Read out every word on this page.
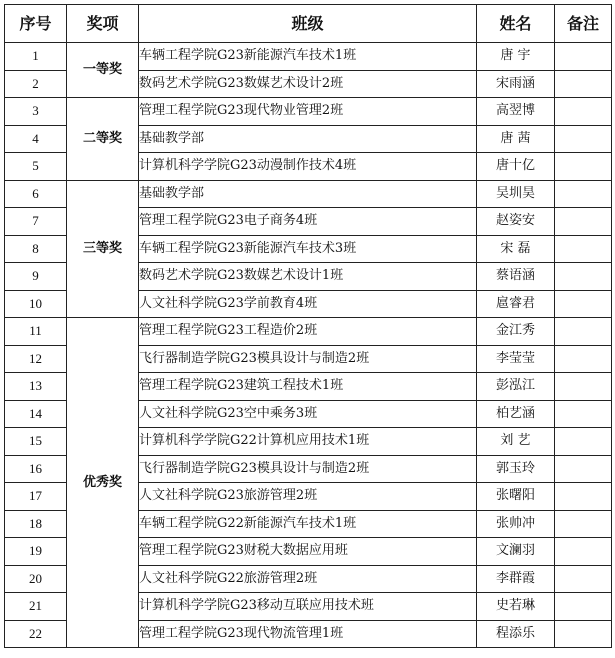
序号	奖项	班级	姓名	备注
1	一等奖	车辆工程学院G23新能源汽车技术1班	唐 宇	
2		数码艺术学院G23数媒艺术设计2班	宋雨涵	
3	二等奖	管理工程学院G23现代物业管理2班	高翌博	
4		基础教学部	唐 茜	
5		计算机科学学院G23动漫制作技术4班	唐十亿	
6	三等奖	基础教学部	吴圳昊	
7		管理工程学院G23电子商务4班	赵姿安	
8		车辆工程学院G23新能源汽车技术3班	宋 磊	
9		数码艺术学院G23数媒艺术设计1班	蔡语涵	
10		人文社科学院G23学前教育4班	扈睿君	
11	优秀奖	管理工程学院G23工程造价2班	金江秀	
12		飞行器制造学院G23模具设计与制造2班	李莹莹	
13		管理工程学院G23建筑工程技术1班	彭泓江	
14		人文社科学院G23空中乘务3班	柏艺涵	
15		计算机科学学院G22计算机应用技术1班	刘 艺	
16		飞行器制造学院G23模具设计与制造2班	郭玉玲	
17		人文社科学院G23旅游管理2班	张曙阳	
18		车辆工程学院G22新能源汽车技术1班	张帅冲	
19		管理工程学院G23财税大数据应用班	文澜羽	
20		人文社科学院G22旅游管理2班	李群霞	
21		计算机科学学院G23移动互联应用技术班	史若琳	
22		管理工程学院G23现代物流管理1班	程添乐	
